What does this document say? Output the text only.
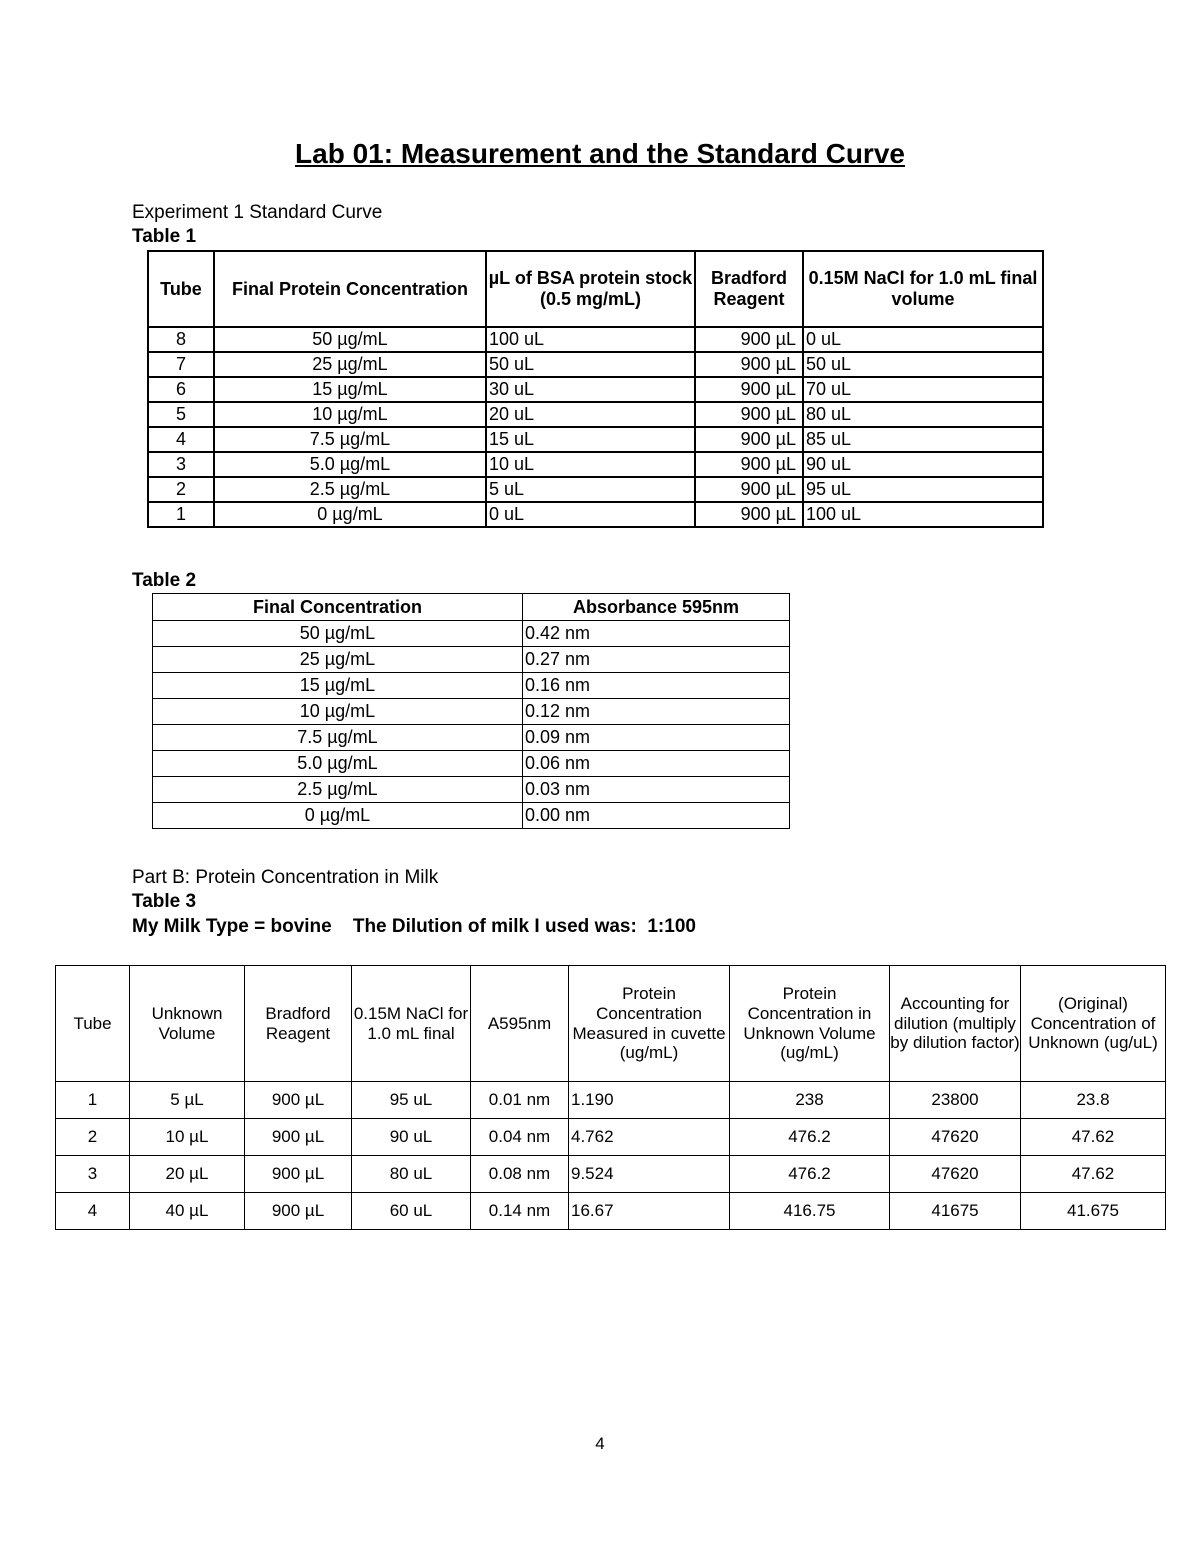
Lab 01: Measurement and the Standard Curve
Experiment 1 Standard Curve
Table 1
Tube	Final Protein Concentration	µL of BSA protein stock (0.5 mg/mL)	Bradford Reagent	0.15M NaCl for 1.0 mL final volume
8	50 µg/mL	100 uL	900 µL	0 uL
7	25 µg/mL	50 uL	900 µL	50 uL
6	15 µg/mL	30 uL	900 µL	70 uL
5	10 µg/mL	20 uL	900 µL	80 uL
4	7.5 µg/mL	15 uL	900 µL	85 uL
3	5.0 µg/mL	10 uL	900 µL	90 uL
2	2.5 µg/mL	5 uL	900 µL	95 uL
1	0 µg/mL	0 uL	900 µL	100 uL
Table 2
Final Concentration	Absorbance 595nm
50 µg/mL	0.42 nm
25 µg/mL	0.27 nm
15 µg/mL	0.16 nm
10 µg/mL	0.12 nm
7.5 µg/mL	0.09 nm
5.0 µg/mL	0.06 nm
2.5 µg/mL	0.03 nm
0 µg/mL	0.00 nm
Part B: Protein Concentration in Milk
Table 3
My Milk Type = bovine    The Dilution of milk I used was:  1:100
Tube	Unknown Volume	Bradford Reagent	0.15M NaCl for 1.0 mL final	A595nm	Protein Concentration Measured in cuvette (ug/mL)	Protein Concentration in Unknown Volume (ug/mL)	Accounting for dilution (multiply by dilution factor)	(Original) Concentration of Unknown (ug/uL)
1	5 µL	900 µL	95 uL	0.01 nm	1.190	238	23800	23.8
2	10 µL	900 µL	90 uL	0.04 nm	4.762	476.2	47620	47.62
3	20 µL	900 µL	80 uL	0.08 nm	9.524	476.2	47620	47.62
4	40 µL	900 µL	60 uL	0.14 nm	16.67	416.75	41675	41.675
4
